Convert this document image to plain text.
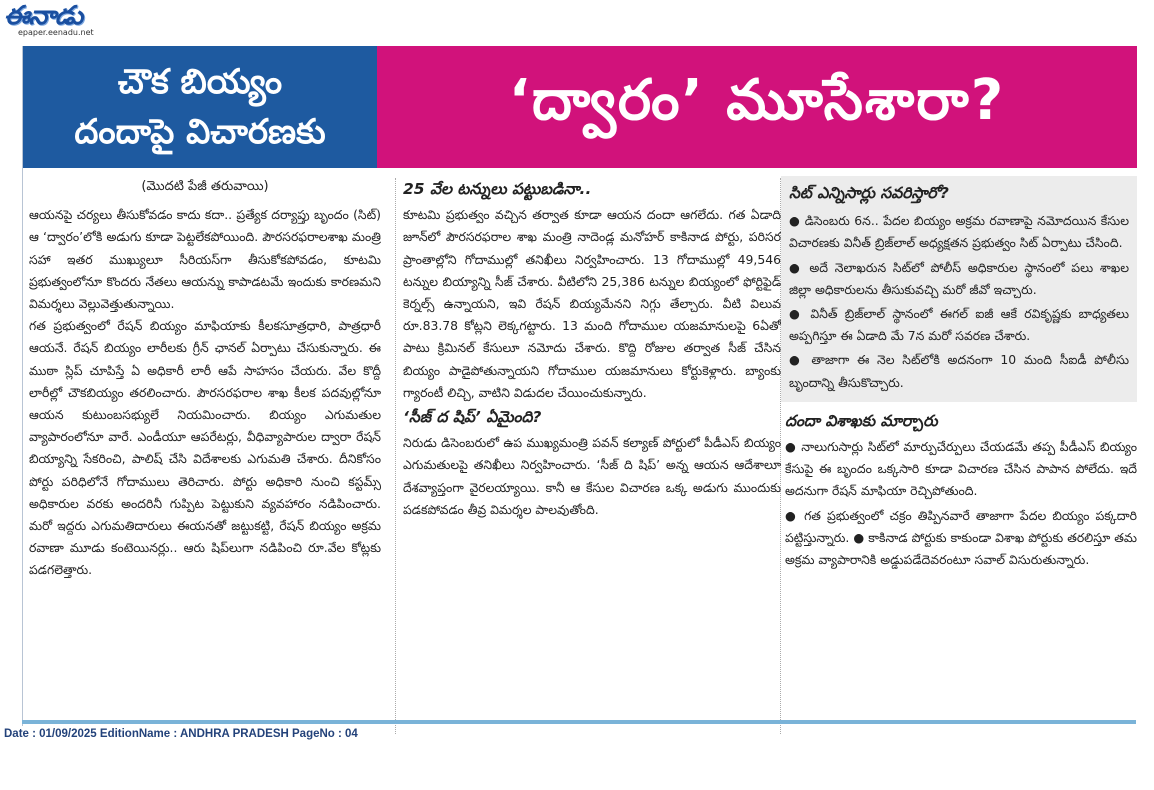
ఈనాడు
epaper.eenadu.net
చౌక బియ్యం
దందాపై విచారణకు	‘ద్వారం’ మూసేశారా?
(మొదటి పేజీ తరువాయి)

ఆయనపై చర్యలు తీసుకోవడం కాదు కదా.. ప్రత్యేక దర్యాప్తు బృందం (సిట్) ఆ ‘ద్వారం’లోకి అడుగు కూడా పెట్టలేకపోయింది. పౌరసరఫరాలశాఖ మంత్రి సహా ఇతర ముఖ్యులూ సీరియస్‌గా తీసుకోకపోవడం, కూటమి ప్రభుత్వంలోనూ కొందరు నేతలు ఆయన్ను కాపాడటమే ఇందుకు కారణమని విమర్శలు వెల్లువెత్తుతున్నాయి.

గత ప్రభుత్వంలో రేషన్ బియ్యం మాఫియాకు కీలకసూత్రధారి, పాత్రధారీ ఆయనే. రేషన్ బియ్యం లారీలకు గ్రీన్ ఛానల్ ఏర్పాటు చేసుకున్నారు. ఈ ముఠా స్లిప్ చూపిస్తే ఏ అధికారీ లారీ ఆపే సాహసం చేయరు. వేల కొద్దీ లారీల్లో చౌకబియ్యం తరలించారు. పౌరసరఫరాల శాఖ కీలక పదవుల్లోనూ ఆయన కుటుంబసభ్యులే నియమించారు. బియ్యం ఎగుమతుల వ్యాపారంలోనూ వారే. ఎండీయూ ఆపరేటర్లు, వీధివ్యాపారుల ద్వారా రేషన్ బియ్యాన్ని సేకరించి, పాలిష్ చేసి విదేశాలకు ఎగుమతి చేశారు. దీనికోసం పోర్టు పరిధిలోనే గోదాములు తెరిచారు. పోర్టు అధికారి నుంచి కస్టమ్స్ అధికారుల వరకు అందరినీ గుప్పిట పెట్టుకుని వ్యవహారం నడిపించారు. మరో ఇద్దరు ఎగుమతిదారులు ఈయనతో జట్టుకట్టి, రేషన్ బియ్యం అక్రమ రవాణా మూడు కంటెయినర్లు.. ఆరు షిప్‌లుగా నడిపించి రూ.వేల కోట్లకు పడగలెత్తారు.

25 వేల టన్నులు పట్టుబడినా..

కూటమి ప్రభుత్వం వచ్చిన తర్వాత కూడా ఆయన దందా ఆగలేదు. గత ఏడాది జూన్‌లో పౌరసరఫరాల శాఖ మంత్రి నాదెండ్ల మనోహర్ కాకినాడ పోర్టు, పరిసర ప్రాంతాల్లోని గోదాముల్లో తనిఖీలు నిర్వహించారు. 13 గోదాముల్లో 49,546 టన్నుల బియ్యాన్ని సీజ్ చేశారు. వీటిలోని 25,386 టన్నుల బియ్యంలో ఫోర్టిఫైడ్ కెర్నల్స్ ఉన్నాయని, ఇవి రేషన్ బియ్యమేనని నిగ్గు తేల్చారు. వీటి విలువ రూ.83.78 కోట్లని లెక్కగట్టారు. 13 మంది గోదాముల యజమానులపై 6ఏతో పాటు క్రిమినల్ కేసులూ నమోదు చేశారు. కొద్ది రోజుల తర్వాత సీజ్ చేసిన బియ్యం పాడైపోతున్నాయని గోదాముల యజమానులు కోర్టుకెళ్లారు. బ్యాంకు గ్యారంటీ లిచ్చి, వాటిని విడుదల చేయించుకున్నారు.

‘సీజ్ ద షిప్’ ఏమైంది?

నిరుడు డిసెంబరులో ఉప ముఖ్యమంత్రి పవన్ కల్యాణ్ పోర్టులో పీడీఎస్ బియ్యం ఎగుమతులపై తనిఖీలు నిర్వహించారు. ‘సీజ్ ది షిప్’ అన్న ఆయన ఆదేశాలూ దేశవ్యాప్తంగా వైరలయ్యాయి. కానీ ఆ కేసుల విచారణ ఒక్క అడుగు ముందుకు పడకపోవడం తీవ్ర విమర్శల పాలవుతోంది.

సిట్ ఎన్నిసార్లు సవరిస్తారో?

● డిసెంబరు 6న.. పేదల బియ్యం అక్రమ రవాణాపై నమోదయిన కేసుల విచారణకు వినీత్ బ్రిజ్‌లాల్ అధ్యక్షతన ప్రభుత్వం సిట్ ఏర్పాటు చేసింది.

● అదే నెలాఖరున సిట్‌లో పోలీస్ అధికారుల స్థానంలో పలు శాఖల జిల్లా అధికారులను తీసుకువచ్చి మరో జీవో ఇచ్చారు.

● వినీత్ బ్రిజ్‌లాల్ స్థానంలో ఈగల్ ఐజీ ఆకే రవికృష్ణకు బాధ్యతలు అప్పగిస్తూ ఈ ఏడాది మే 7న మరో సవరణ చేశారు.

● తాజాగా ఈ నెల సిట్‌లోకి అదనంగా 10 మంది సీఐడీ పోలీసు బృందాన్ని తీసుకొచ్చారు.

దందా విశాఖకు మార్చారు

● నాలుగుసార్లు సిట్‌లో మార్పుచేర్పులు చేయడమే తప్ప పీడీఎస్ బియ్యం కేసుపై ఈ బృందం ఒక్కసారి కూడా విచారణ చేసిన పాపాన పోలేదు. ఇదే అదనుగా రేషన్ మాఫియా రెచ్చిపోతుంది.

● గత ప్రభుత్వంలో చక్రం తిప్పినవారే తాజాగా పేదల బియ్యం పక్కదారి పట్టిస్తున్నారు. ● కాకినాడ పోర్టుకు కాకుండా విశాఖ పోర్టుకు తరలిస్తూ తమ అక్రమ వ్యాపారానికి అడ్డుపడేదెవరంటూ సవాల్ విసురుతున్నారు.

Date : 01/09/2025 EditionName : ANDHRA PRADESH PageNo : 04
